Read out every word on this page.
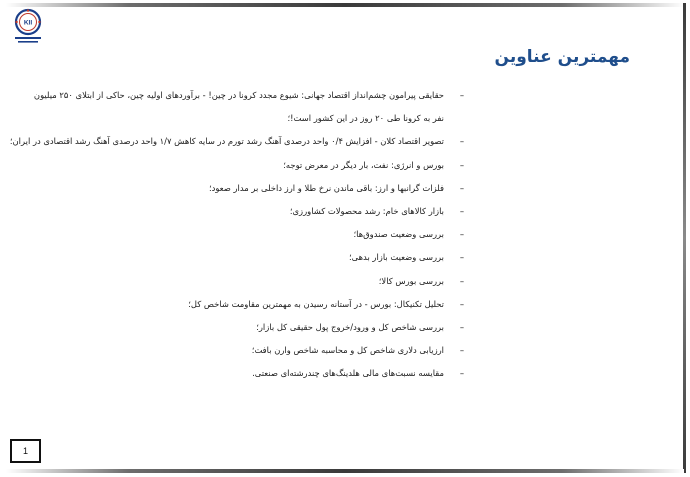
KII
مهمترین عناوین
–
حقایقی پیرامون چشم‌انداز اقتصاد جهانی: شیوع مجدد کرونا در چین! - برآوردهای اولیه چین، حاکی از ابتلای ۲۵۰ میلیون نفر به کرونا طی ۲۰ روز در این کشور است!؛
–
تصویر اقتصاد کلان - افزایش ۰/۴ واحد درصدی آهنگ رشد تورم در سایه کاهش ۱/۷ واحد درصدی آهنگ رشد اقتصادی در ایران؛
–
بورس و انرژی: نفت، بار دیگر در معرض توجه؛
–
فلزات گرانبها و ارز: باقی ماندن نرخ طلا و ارز داخلی بر مدار صعود؛
–
بازار کالاهای خام: رشد محصولات کشاورزی؛
–
بررسی وضعیت صندوق‌ها؛
–
بررسی وضعیت بازار بدهی؛
–
بررسی بورس کالا؛
–
تحلیل تکنیکال: بورس - در آستانه رسیدن به مهمترین مقاومت شاخص کل؛
–
بررسی شاخص کل و ورود/خروج پول حقیقی کل بازار؛
–
ارزیابی دلاری شاخص کل و محاسبه شاخص وارن بافت؛
–
مقایسه نسبت‌های مالی هلدینگ‌های چندرشته‌ای صنعتی.
1
